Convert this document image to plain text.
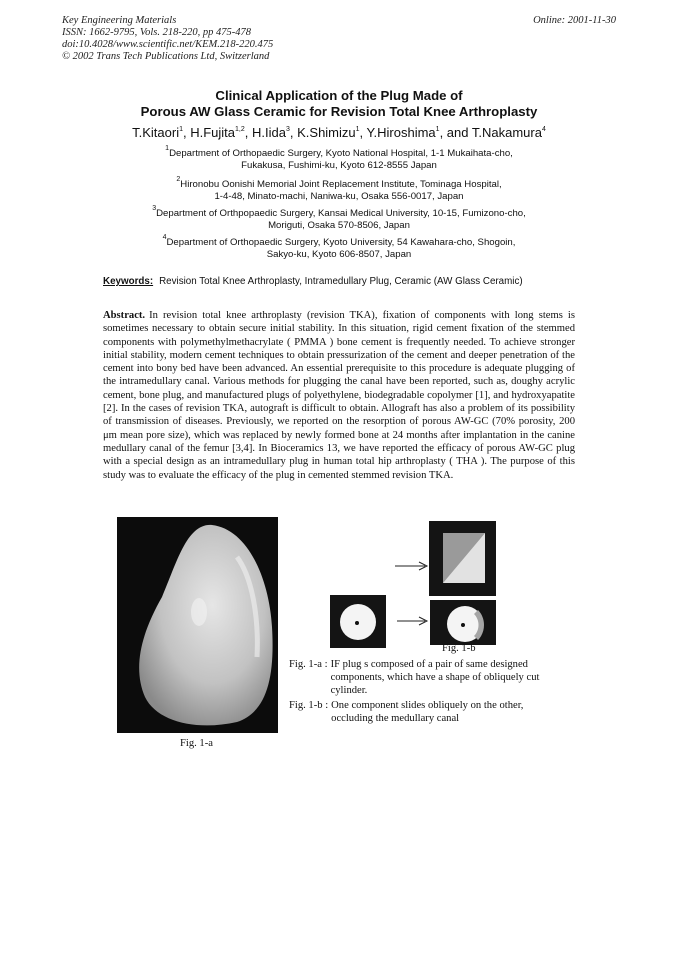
Key Engineering Materials
ISSN: 1662-9795, Vols. 218-220, pp 475-478
doi:10.4028/www.scientific.net/KEM.218-220.475
© 2002 Trans Tech Publications Ltd, Switzerland
Online: 2001-11-30
Clinical Application of the Plug Made of
Porous AW Glass Ceramic for Revision Total Knee Arthroplasty
T.Kitaori$^1$, H.Fujita$^{1,2}$, H.Iida$^3$, K.Shimizu$^1$, Y.Hiroshima$^1$, and T.Nakamura$^4$
$^1$Department of Orthopaedic Surgery, Kyoto National Hospital, 1-1 Mukaihata-cho,
Fukakusa, Fushimi-ku, Kyoto 612-8555 Japan
$^2$Hironobu Oonishi Memorial Joint Replacement Institute, Tominaga Hospital,
1-4-48, Minato-machi, Naniwa-ku, Osaka 556-0017, Japan
$^3$Department of Orthpopaedic Surgery, Kansai Medical University, 10-15, Fumizono-cho,
Moriguti, Osaka 570-8506, Japan
$^4$Department of Orthopaedic Surgery, Kyoto University, 54 Kawahara-cho, Shogoin,
Sakyo-ku, Kyoto 606-8507, Japan
Keywords: Revision Total Knee Arthroplasty, Intramedullary Plug, Ceramic (AW Glass Ceramic)
Abstract. In revision total knee arthroplasty (revision TKA), fixation of components with long stems is sometimes necessary to obtain secure initial stability. In this situation, rigid cement fixation of the stemmed components with polymethylmethacrylate ( PMMA ) bone cement is frequently needed. To achieve stronger initial stability, modern cement techniques to obtain pressurization of the cement and deeper penetration of the cement into bony bed have been advanced. An essential prerequisite to this procedure is adequate plugging of the intramedullary canal. Various methods for plugging the canal have been reported, such as, doughy acrylic cement, bone plug, and manufactured plugs of polyethylene, biodegradable copolymer [1], and hydroxyapatite [2]. In the cases of revision TKA, autograft is difficult to obtain. Allograft has also a problem of its possibility of transmission of diseases. Previously, we reported on the resorption of porous AW-GC (70% porosity, 200 μm mean pore size), which was replaced by newly formed bone at 24 months after implantation in the canine medullary canal of the femur [3,4]. In Bioceramics 13, we have reported the efficacy of porous AW-GC plug with a special design as an intramedullary plug in human total hip arthroplasty ( THA ). The purpose of this study was to evaluate the efficacy of the plug in cemented stemmed revision TKA.
Fig. 1-a
Fig. 1-b
Fig. 1-a : IF plug s composed of a pair of same designed components, which have a shape of obliquely cut cylinder.
Fig. 1-b : One component slides obliquely on the other, occluding the medullary canal
